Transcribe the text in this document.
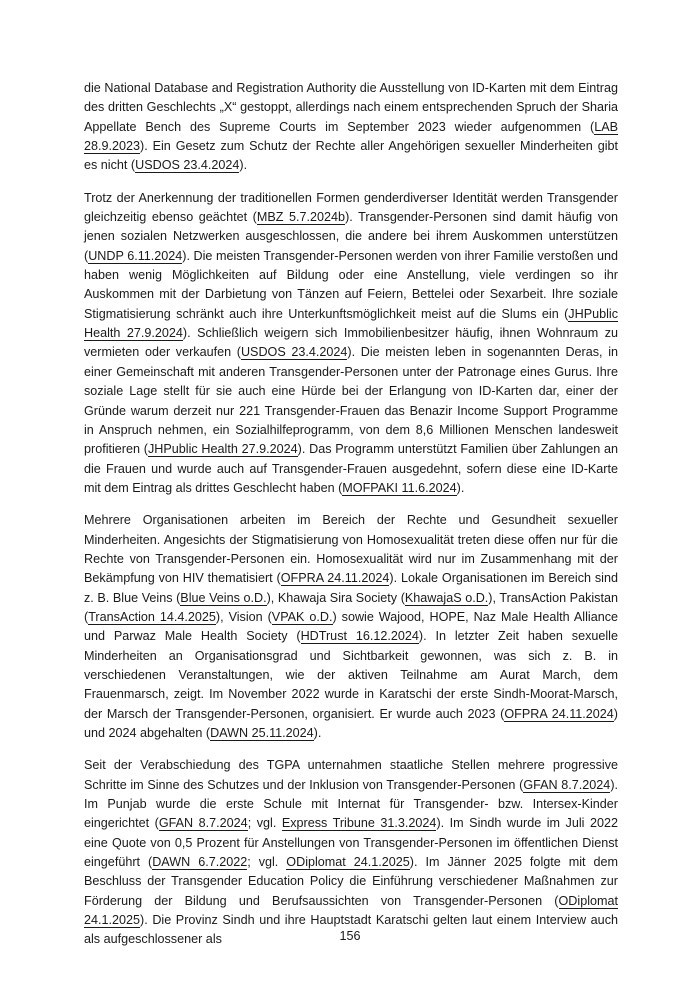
die National Database and Registration Authority die Ausstellung von ID-Karten mit dem Eintrag des dritten Geschlechts „X“ gestoppt, allerdings nach einem entsprechenden Spruch der Sharia Appellate Bench des Supreme Courts im September 2023 wieder aufgenommen (LAB 28.9.2023). Ein Gesetz zum Schutz der Rechte aller Angehörigen sexueller Minderheiten gibt es nicht (USDOS 23.4.2024).

Trotz der Anerkennung der traditionellen Formen genderdiverser Identität werden Transgender gleichzeitig ebenso geächtet (MBZ 5.7.2024b). Transgender-Personen sind damit häufig von jenen sozialen Netzwerken ausgeschlossen, die andere bei ihrem Auskommen unterstützen (UNDP 6.11.2024). Die meisten Transgender-Personen werden von ihrer Familie verstoßen und haben wenig Möglichkeiten auf Bildung oder eine Anstellung, viele verdingen so ihr Auskommen mit der Darbietung von Tänzen auf Feiern, Bettelei oder Sexarbeit. Ihre soziale Stigmatisierung schränkt auch ihre Unterkunftsmöglichkeit meist auf die Slums ein (JHPublic Health 27.9.2024). Schließlich weigern sich Immobilienbesitzer häufig, ihnen Wohnraum zu vermieten oder verkaufen (USDOS 23.4.2024). Die meisten leben in sogenannten Deras, in einer Gemeinschaft mit anderen Transgender-Personen unter der Patronage eines Gurus. Ihre soziale Lage stellt für sie auch eine Hürde bei der Erlangung von ID-Karten dar, einer der Gründe warum derzeit nur 221 Transgender-Frauen das Benazir Income Support Programme in Anspruch nehmen, ein Sozialhilfeprogramm, von dem 8,6 Millionen Menschen landesweit profitieren (JHPublic Health 27.9.2024). Das Programm unterstützt Familien über Zahlungen an die Frauen und wurde auch auf Transgender-Frauen ausgedehnt, sofern diese eine ID-Karte mit dem Eintrag als drittes Geschlecht haben (MOFPAKI 11.6.2024).

Mehrere Organisationen arbeiten im Bereich der Rechte und Gesundheit sexueller Minderheiten. Angesichts der Stigmatisierung von Homosexualität treten diese offen nur für die Rechte von Transgender-Personen ein. Homosexualität wird nur im Zusammenhang mit der Bekämpfung von HIV thematisiert (OFPRA 24.11.2024). Lokale Organisationen im Bereich sind z. B. Blue Veins (Blue Veins o.D.), Khawaja Sira Society (KhawajaS o.D.), TransAction Pakistan (TransAction 14.4.2025), Vision (VPAK o.D.) sowie Wajood, HOPE, Naz Male Health Alliance und Parwaz Male Health Society (HDTrust 16.12.2024). In letzter Zeit haben sexuelle Minderheiten an Organisationsgrad und Sichtbarkeit gewonnen, was sich z. B. in verschiedenen Veranstaltungen, wie der aktiven Teilnahme am Aurat March, dem Frauenmarsch, zeigt. Im November 2022 wurde in Karatschi der erste Sindh-Moorat-Marsch, der Marsch der Transgender-Personen, organisiert. Er wurde auch 2023 (OFPRA 24.11.2024) und 2024 abgehalten (DAWN 25.11.2024).

Seit der Verabschiedung des TGPA unternahmen staatliche Stellen mehrere progressive Schritte im Sinne des Schutzes und der Inklusion von Transgender-Personen (GFAN 8.7.2024). Im Punjab wurde die erste Schule mit Internat für Transgender- bzw. Intersex-Kinder eingerichtet (GFAN 8.7.2024; vgl. Express Tribune 31.3.2024). Im Sindh wurde im Juli 2022 eine Quote von 0,5 Prozent für Anstellungen von Transgender-Personen im öffentlichen Dienst eingeführt (DAWN 6.7.2022; vgl. ODiplomat 24.1.2025). Im Jänner 2025 folgte mit dem Beschluss der Transgender Education Policy die Einführung verschiedener Maßnahmen zur Förderung der Bildung und Berufsaussichten von Transgender-Personen (ODiplomat 24.1.2025). Die Provinz Sindh und ihre Hauptstadt Karatschi gelten laut einem Interview auch als aufgeschlossener als	156
